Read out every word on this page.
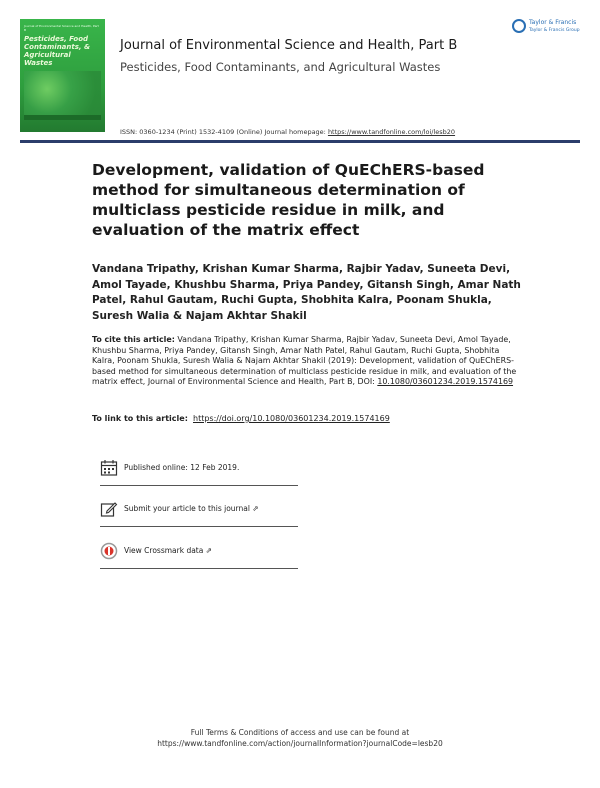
Journal of Environmental Science and Health, Part B
Pesticides, Food Contaminants, & Agricultural Wastes
Journal of Environmental Science and Health, Part B
Pesticides, Food Contaminants, and Agricultural Wastes
Taylor & Francis
Taylor & Francis Group
ISSN: 0360-1234 (Print) 1532-4109 (Online) Journal homepage: https://www.tandfonline.com/loi/lesb20
Development, validation of QuEChERS-based method for simultaneous determination of multiclass pesticide residue in milk, and evaluation of the matrix effect
Vandana Tripathy, Krishan Kumar Sharma, Rajbir Yadav, Suneeta Devi, Amol Tayade, Khushbu Sharma, Priya Pandey, Gitansh Singh, Amar Nath Patel, Rahul Gautam, Ruchi Gupta, Shobhita Kalra, Poonam Shukla, Suresh Walia & Najam Akhtar Shakil
To cite this article: Vandana Tripathy, Krishan Kumar Sharma, Rajbir Yadav, Suneeta Devi, Amol Tayade, Khushbu Sharma, Priya Pandey, Gitansh Singh, Amar Nath Patel, Rahul Gautam, Ruchi Gupta, Shobhita Kalra, Poonam Shukla, Suresh Walia & Najam Akhtar Shakil (2019): Development, validation of QuEChERS-based method for simultaneous determination of multiclass pesticide residue in milk, and evaluation of the matrix effect, Journal of Environmental Science and Health, Part B, DOI: 10.1080/03601234.2019.1574169
To link to this article: https://doi.org/10.1080/03601234.2019.1574169
Published online: 12 Feb 2019.
Submit your article to this journal ⇗
View Crossmark data ⇗
Full Terms & Conditions of access and use can be found at
https://www.tandfonline.com/action/journalInformation?journalCode=lesb20
